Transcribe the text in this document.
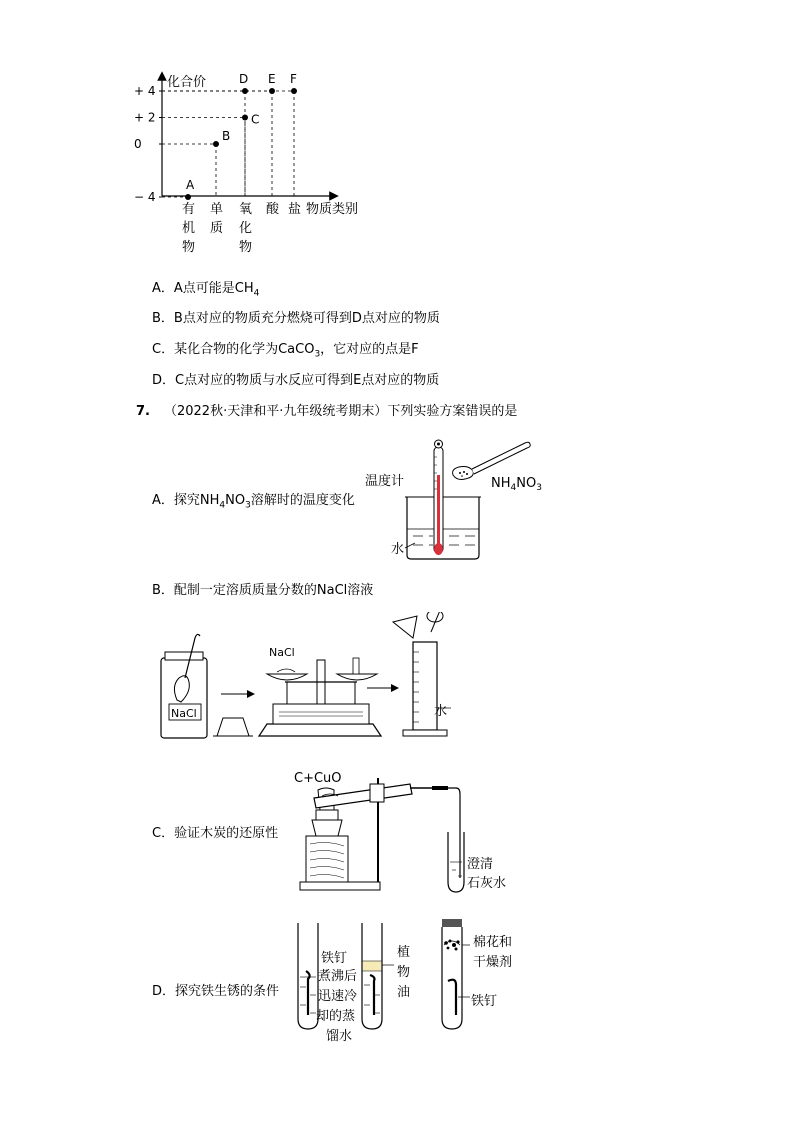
化合价
物质类别
+ 4
+ 2
0
− 4
有
机
物
单
质
氧
化
物
酸 盐
A
B
C
D E F
A．A点可能是$CH_4$
B．B点对应的物质充分燃烧可得到D点对应的物质
C．某化合物的化学为CaCO$_3$，它对应的点是F
D．C点对应的物质与水反应可得到E点对应的物质
7. （2022秋·天津和平·九年级统考期末）下列实验方案错误的是
A．探究$NH_4NO_3$溶解时的温度变化
温度计	$NH_4NO_3$
水
B．配制一定溶质质量分数的NaCl溶液
NaCl
NaCl
水
C．验证木炭的还原性
C+CuO
澄清
石灰水
D．探究铁生锈的条件
铁钉
煮沸后
迅速冷
却的蒸
馏水
植
物
油
棉花和
干燥剂
铁钉
